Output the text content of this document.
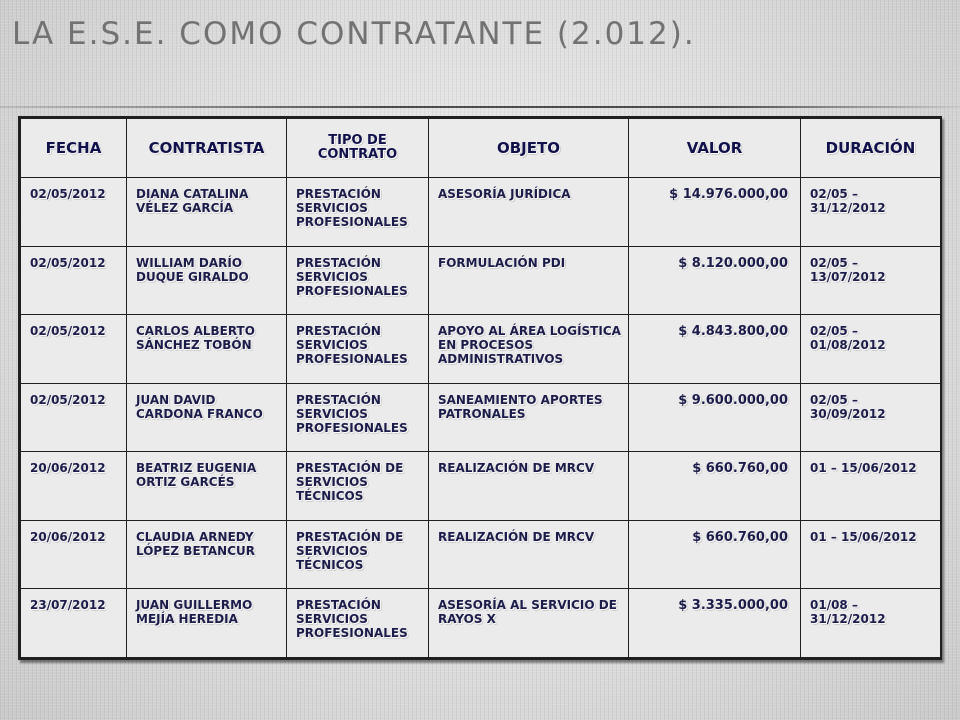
LA E.S.E. COMO CONTRATANTE (2.012).
FECHA	CONTRATISTA	TIPO DE CONTRATO	OBJETO	VALOR	DURACIÓN
02/05/2012	DIANA CATALINA VÉLEZ GARCÍA	PRESTACIÓN SERVICIOS PROFESIONALES	ASESORÍA JURÍDICA	$ 14.976.000,00	02/05 – 31/12/2012
02/05/2012	WILLIAM DARÍO DUQUE GIRALDO	PRESTACIÓN SERVICIOS PROFESIONALES	FORMULACIÓN PDI	$ 8.120.000,00	02/05 – 13/07/2012
02/05/2012	CARLOS ALBERTO SÁNCHEZ TOBÓN	PRESTACIÓN SERVICIOS PROFESIONALES	APOYO AL ÁREA LOGÍSTICA EN PROCESOS ADMINISTRATIVOS	$ 4.843.800,00	02/05 – 01/08/2012
02/05/2012	JUAN DAVID CARDONA FRANCO	PRESTACIÓN SERVICIOS PROFESIONALES	SANEAMIENTO APORTES PATRONALES	$ 9.600.000,00	02/05 – 30/09/2012
20/06/2012	BEATRIZ EUGENIA ORTIZ GARCÉS	PRESTACIÓN DE SERVICIOS TÉCNICOS	REALIZACIÓN DE MRCV	$ 660.760,00	01 – 15/06/2012
20/06/2012	CLAUDIA ARNEDY LÓPEZ BETANCUR	PRESTACIÓN DE SERVICIOS TÉCNICOS	REALIZACIÓN DE MRCV	$ 660.760,00	01 – 15/06/2012
23/07/2012	JUAN GUILLERMO MEJÍA HEREDIA	PRESTACIÓN SERVICIOS PROFESIONALES	ASESORÍA AL SERVICIO DE RAYOS X	$ 3.335.000,00	01/08 – 31/12/2012
